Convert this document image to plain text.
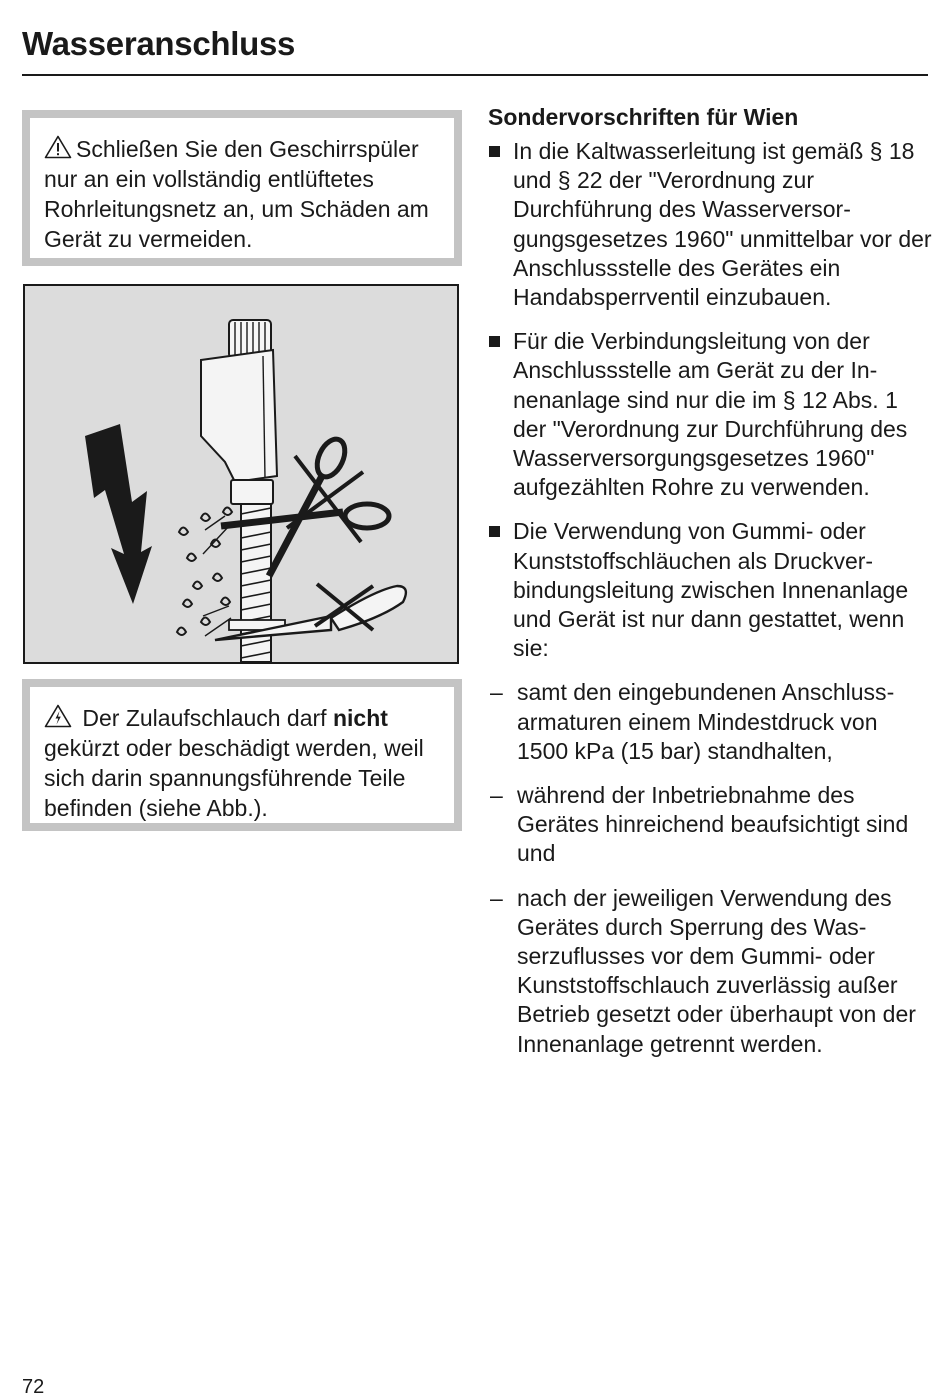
Wasseranschluss

Schließen Sie den Geschirrspüler nur an ein vollständig entlüftetes Rohrleitungsnetz an, um Schäden am Gerät zu vermeiden.

Der Zulaufschlauch darf nicht gekürzt oder beschädigt werden, weil sich darin spannungsführende Teile befinden (siehe Abb.).

Sondervorschriften für Wien
In die Kaltwasserleitung ist gemäß § 18 und § 22 der "Verordnung zur Durchführung des Wasserversorgungsgesetzes 1960" unmittelbar vor der Anschlussstelle des Gerätes ein Handabsperrventil einzubauen.
Für die Verbindungsleitung von der Anschlussstelle am Gerät zu der Innenanlage sind nur die im § 12 Abs. 1 der "Verordnung zur Durchführung des Wasserversorgungsgesetzes 1960" aufgezählten Rohre zu verwenden.
Die Verwendung von Gummi- oder Kunststoffschläuchen als Druckverbindungsleitung zwischen Innenanlage und Gerät ist nur dann gestattet, wenn sie:
– samt den eingebundenen Anschlussarmaturen einem Mindestdruck von 1500 kPa (15 bar) standhalten,
– während der Inbetriebnahme des Gerätes hinreichend beaufsichtigt sind und
– nach der jeweiligen Verwendung des Gerätes durch Sperrung des Wasserzuflusses vor dem Gummi- oder Kunststoffschlauch zuverlässig außer Betrieb gesetzt oder überhaupt von der Innenanlage getrennt werden.
72
